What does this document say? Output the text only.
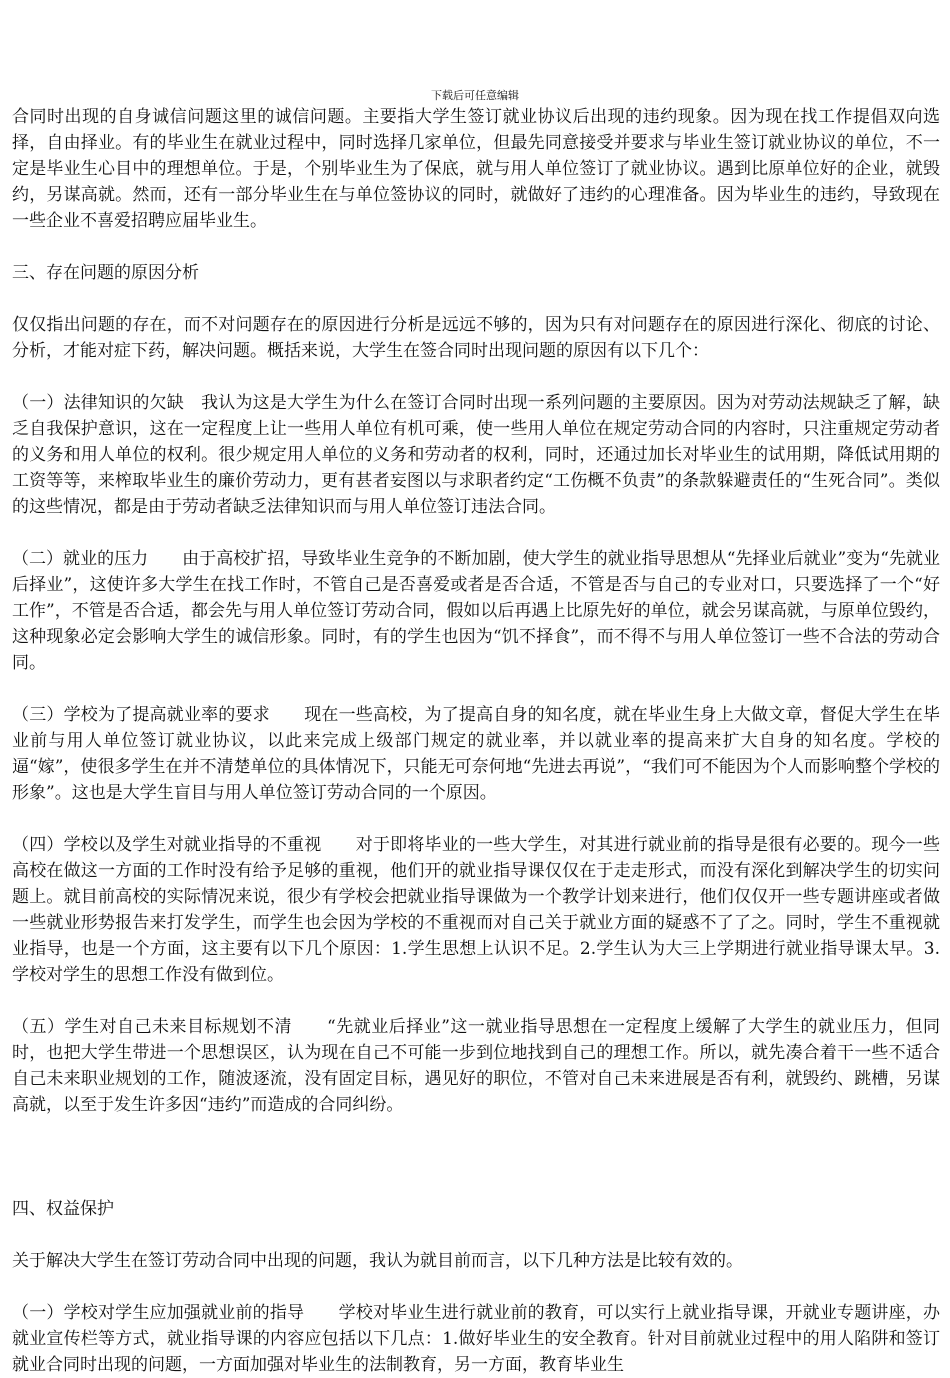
下载后可任意编辑

合同时出现的自身诚信问题这里的诚信问题。主要指大学生签订就业协议后出现的违约现象。因为现在找工作提倡双向选择，自由择业。有的毕业生在就业过程中，同时选择几家单位，但最先同意接受并要求与毕业生签订就业协议的单位，不一定是毕业生心目中的理想单位。于是，个别毕业生为了保底，就与用人单位签订了就业协议。遇到比原单位好的企业，就毁约，另谋高就。然而，还有一部分毕业生在与单位签协议的同时，就做好了违约的心理准备。因为毕业生的违约，导致现在一些企业不喜爱招聘应届毕业生。

三、存在问题的原因分析

仅仅指出问题的存在，而不对问题存在的原因进行分析是远远不够的，因为只有对问题存在的原因进行深化、彻底的讨论、分析，才能对症下药，解决问题。概括来说，大学生在签合同时出现问题的原因有以下几个：

（一）法律知识的欠缺　我认为这是大学生为什么在签订合同时出现一系列问题的主要原因。因为对劳动法规缺乏了解，缺乏自我保护意识，这在一定程度上让一些用人单位有机可乘，使一些用人单位在规定劳动合同的内容时，只注重规定劳动者的义务和用人单位的权利。很少规定用人单位的义务和劳动者的权利，同时，还通过加长对毕业生的试用期，降低试用期的工资等等，来榨取毕业生的廉价劳动力，更有甚者妄图以与求职者约定“工伤概不负责”的条款躲避责任的“生死合同”。类似的这些情况，都是由于劳动者缺乏法律知识而与用人单位签订违法合同。

（二）就业的压力　　由于高校扩招，导致毕业生竞争的不断加剧，使大学生的就业指导思想从“先择业后就业”变为“先就业后择业”，这使许多大学生在找工作时，不管自己是否喜爱或者是否合适，不管是否与自己的专业对口，只要选择了一个“好工作”，不管是否合适，都会先与用人单位签订劳动合同，假如以后再遇上比原先好的单位，就会另谋高就，与原单位毁约，这种现象必定会影响大学生的诚信形象。同时，有的学生也因为“饥不择食”，而不得不与用人单位签订一些不合法的劳动合同。

（三）学校为了提高就业率的要求　　现在一些高校，为了提高自身的知名度，就在毕业生身上大做文章，督促大学生在毕业前与用人单位签订就业协议，以此来完成上级部门规定的就业率，并以就业率的提高来扩大自身的知名度。学校的逼“嫁”，使很多学生在并不清楚单位的具体情况下，只能无可奈何地“先进去再说”，“我们可不能因为个人而影响整个学校的形象”。这也是大学生盲目与用人单位签订劳动合同的一个原因。

（四）学校以及学生对就业指导的不重视　　对于即将毕业的一些大学生，对其进行就业前的指导是很有必要的。现今一些高校在做这一方面的工作时没有给予足够的重视，他们开的就业指导课仅仅在于走走形式，而没有深化到解决学生的切实问题上。就目前高校的实际情况来说，很少有学校会把就业指导课做为一个教学计划来进行，他们仅仅开一些专题讲座或者做一些就业形势报告来打发学生，而学生也会因为学校的不重视而对自己关于就业方面的疑惑不了了之。同时，学生不重视就业指导，也是一个方面，这主要有以下几个原因：1.学生思想上认识不足。2.学生认为大三上学期进行就业指导课太早。3.学校对学生的思想工作没有做到位。

（五）学生对自己未来目标规划不清　　“先就业后择业”这一就业指导思想在一定程度上缓解了大学生的就业压力，但同时，也把大学生带进一个思想误区，认为现在自己不可能一步到位地找到自己的理想工作。所以，就先凑合着干一些不适合自己未来职业规划的工作，随波逐流，没有固定目标，遇见好的职位，不管对自己未来进展是否有利，就毁约、跳槽，另谋高就，以至于发生许多因“违约”而造成的合同纠纷。

四、权益保护

关于解决大学生在签订劳动合同中出现的问题，我认为就目前而言，以下几种方法是比较有效的。

（一）学校对学生应加强就业前的指导　　学校对毕业生进行就业前的教育，可以实行上就业指导课，开就业专题讲座，办就业宣传栏等方式，就业指导课的内容应包括以下几点：1.做好毕业生的安全教育。针对目前就业过程中的用人陷阱和签订就业合同时出现的问题，一方面加强对毕业生的法制教育，另一方面，教育毕业生
